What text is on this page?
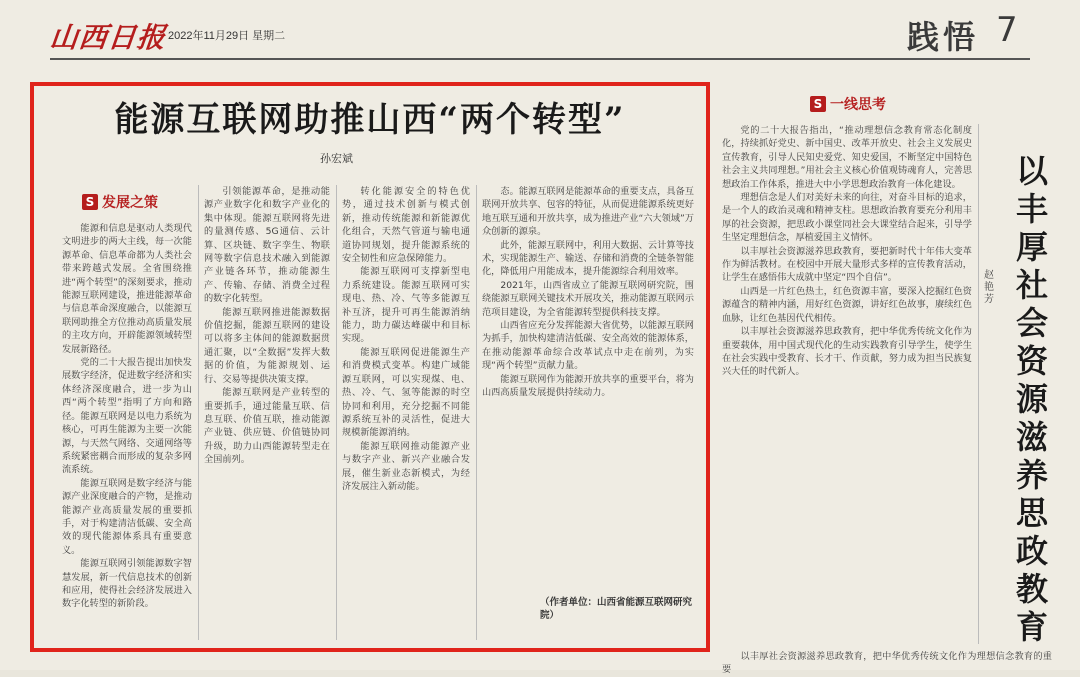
山西日报 2022年11月29日 星期二	践悟 7
能源互联网助推山西“两个转型”
孙宏斌
S 发展之策

能源和信息是驱动人类现代文明进步的两大主线，每一次能源革命、信息革命都为人类社会带来跨越式发展。全省围绕推进“两个转型”的深刻要求，推动能源互联网建设，推进能源革命与信息革命深度融合，以能源互联网助推全方位推动高质量发展的主攻方向，开辟能源领域转型发展新路径。

党的二十大报告提出加快发展数字经济，促进数字经济和实体经济深度融合，进一步为山西“两个转型”指明了方向和路径。能源互联网是以电力系统为核心，可再生能源为主要一次能源，与天然气网络、交通网络等系统紧密耦合而形成的复杂多网流系统。

能源互联网是数字经济与能源产业深度融合的产物，是推动能源产业高质量发展的重要抓手，对于构建清洁低碳、安全高效的现代能源体系具有重要意义。

能源互联网引领能源数字智慧发展，新一代信息技术的创新和应用，使得社会经济发展进入数字化转型的新阶段。

引领能源革命，是推动能源产业数字化和数字产业化的集中体现。能源互联网将先进的量测传感、5G通信、云计算、区块链、数字孪生、物联网等数字信息技术融入到能源产业链各环节，推动能源生产、传输、存储、消费全过程的数字化转型。

能源互联网推进能源数据价值挖掘，能源互联网的建设可以将多主体间的能源数据贯通汇聚，以“全数据”发挥大数据的价值，为能源规划、运行、交易等提供决策支撑。

能源互联网是产业转型的重要抓手，通过能量互联、信息互联、价值互联，推动能源产业链、供应链、价值链协同升级，助力山西能源转型走在全国前列。

转化能源安全的特色优势，通过技术创新与模式创新，推动传统能源和新能源优化组合，天然气管道与输电通道协同规划，提升能源系统的安全韧性和应急保障能力。

能源互联网可支撑新型电力系统建设。能源互联网可实现电、热、冷、气等多能源互补互济，提升可再生能源消纳能力，助力碳达峰碳中和目标实现。

能源互联网促进能源生产和消费模式变革。构建广域能源互联网，可以实现煤、电、热、冷、气、氢等能源的时空协同和利用，充分挖掘不同能源系统互补的灵活性，促进大规模新能源消纳。

能源互联网推动能源产业与数字产业、新兴产业融合发展，催生新业态新模式，为经济发展注入新动能。

态。能源互联网是能源革命的重要支点，具备互联网开放共享、包容的特征，从而促进能源系统更好地互联互通和开放共享，成为推进产业“六大领域”万众创新的源泉。

此外，能源互联网中，利用大数据、云计算等技术，实现能源生产、输送、存储和消费的全链条智能化，降低用户用能成本，提升能源综合利用效率。

2021年，山西省成立了能源互联网研究院，围绕能源互联网关键技术开展攻关，推动能源互联网示范项目建设，为全省能源转型提供科技支撑。

山西省应充分发挥能源大省优势，以能源互联网为抓手，加快构建清洁低碳、安全高效的能源体系，在推动能源革命综合改革试点中走在前列，为实现“两个转型”贡献力量。

能源互联网作为能源开放共享的重要平台，将为山西高质量发展提供持续动力。

（作者单位：山西省能源互联网研究院）
S 一线思考

党的二十大报告指出，“推动理想信念教育常态化制度化，持续抓好党史、新中国史、改革开放史、社会主义发展史宣传教育，引导人民知史爱党、知史爱国，不断坚定中国特色社会主义共同理想。”用社会主义核心价值观铸魂育人，完善思想政治工作体系，推进大中小学思想政治教育一体化建设。

理想信念是人们对美好未来的向往，对奋斗目标的追求，是一个人的政治灵魂和精神支柱。思想政治教育要充分利用丰厚的社会资源，把思政小课堂同社会大课堂结合起来，引导学生坚定理想信念，厚植爱国主义情怀。

以丰厚社会资源滋养思政教育，要把新时代十年伟大变革作为鲜活教材。在校园中开展大量形式多样的宣传教育活动，让学生在感悟伟大成就中坚定“四个自信”。

山西是一片红色热土，红色资源丰富，要深入挖掘红色资源蕴含的精神内涵，用好红色资源，讲好红色故事，赓续红色血脉，让红色基因代代相传。

以丰厚社会资源滋养思政教育，把中华优秀传统文化作为重要载体，用中国式现代化的生动实践教育引导学生，使学生在社会实践中受教育、长才干、作贡献，努力成为担当民族复兴大任的时代新人。

以丰厚社会资源滋养思政教育，把中华优秀传统文化作为理想信念教育的重要

赵艳芳
以丰厚社会资源滋养思政教育
